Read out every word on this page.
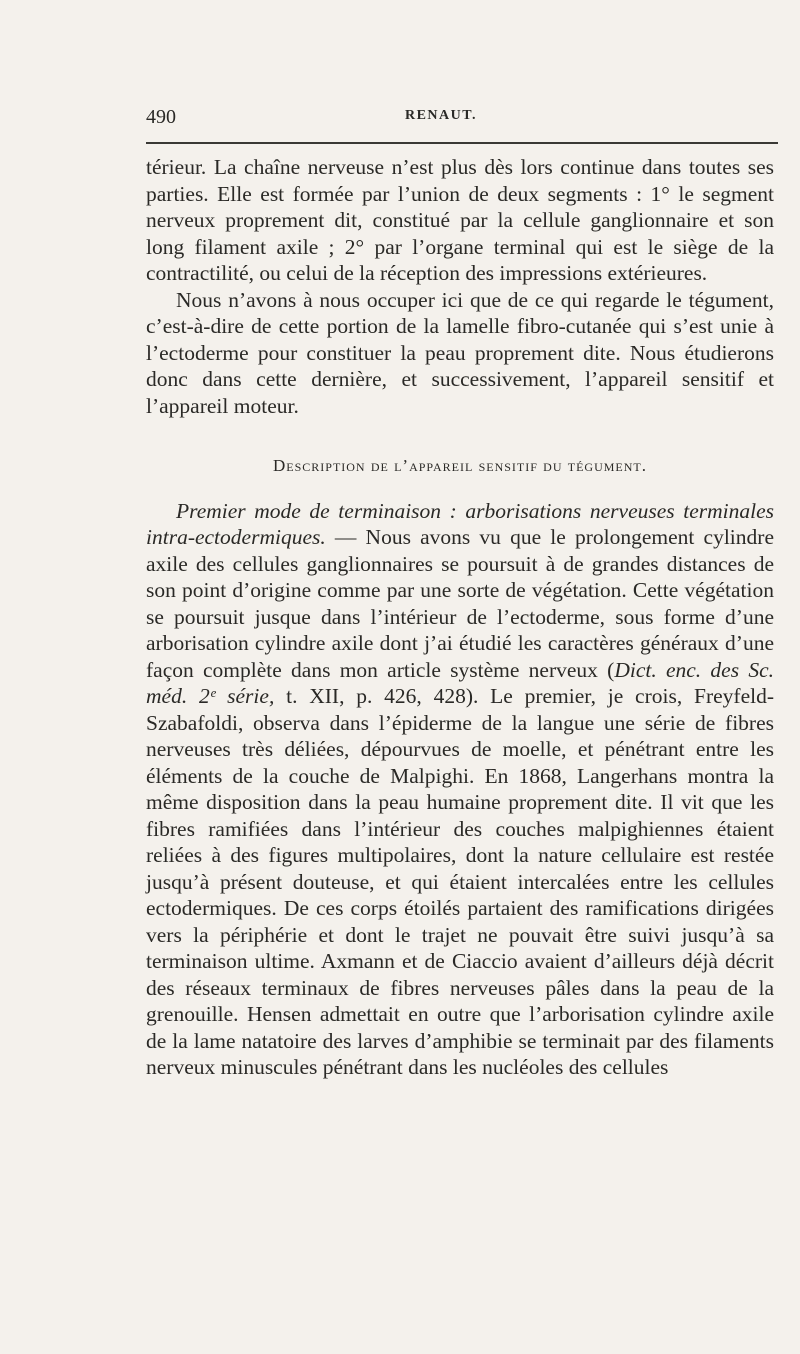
490	RENAUT.

térieur. La chaîne nerveuse n’est plus dès lors continue dans toutes ses parties. Elle est formée par l’union de deux segments : 1° le segment nerveux proprement dit, constitué par la cellule ganglionnaire et son long filament axile ; 2° par l’organe terminal qui est le siège de la contractilité, ou celui de la réception des impressions extérieures.

Nous n’avons à nous occuper ici que de ce qui regarde le tégument, c’est-à-dire de cette portion de la lamelle fibro-cutanée qui s’est unie à l’ectoderme pour constituer la peau proprement dite. Nous étudierons donc dans cette dernière, et successivement, l’appareil sensitif et l’appareil moteur.

Description de l’appareil sensitif du tégument.

Premier mode de terminaison : arborisations nerveuses terminales intra-ectodermiques. — Nous avons vu que le prolongement cylindre axile des cellules ganglionnaires se poursuit à de grandes distances de son point d’origine comme par une sorte de végétation. Cette végétation se poursuit jusque dans l’intérieur de l’ectoderme, sous forme d’une arborisation cylindre axile dont j’ai étudié les caractères généraux d’une façon complète dans mon article système nerveux (Dict. enc. des Sc. méd. 2ᵉ série, t. XII, p. 426, 428). Le premier, je crois, Freyfeld-Szabafoldi, observa dans l’épiderme de la langue une série de fibres nerveuses très déliées, dépourvues de moelle, et pénétrant entre les éléments de la couche de Malpighi. En 1868, Langerhans montra la même disposition dans la peau humaine proprement dite. Il vit que les fibres ramifiées dans l’intérieur des couches malpighiennes étaient reliées à des figures multipolaires, dont la nature cellulaire est restée jusqu’à présent douteuse, et qui étaient intercalées entre les cellules ectodermiques. De ces corps étoilés partaient des ramifications dirigées vers la périphérie et dont le trajet ne pouvait être suivi jusqu’à sa terminaison ultime. Axmann et de Ciaccio avaient d’ailleurs déjà décrit des réseaux terminaux de fibres nerveuses pâles dans la peau de la grenouille. Hensen admettait en outre que l’arborisation cylindre axile de la lame natatoire des larves d’amphibie se terminait par des filaments nerveux minuscules pénétrant dans les nucléoles des cellules
